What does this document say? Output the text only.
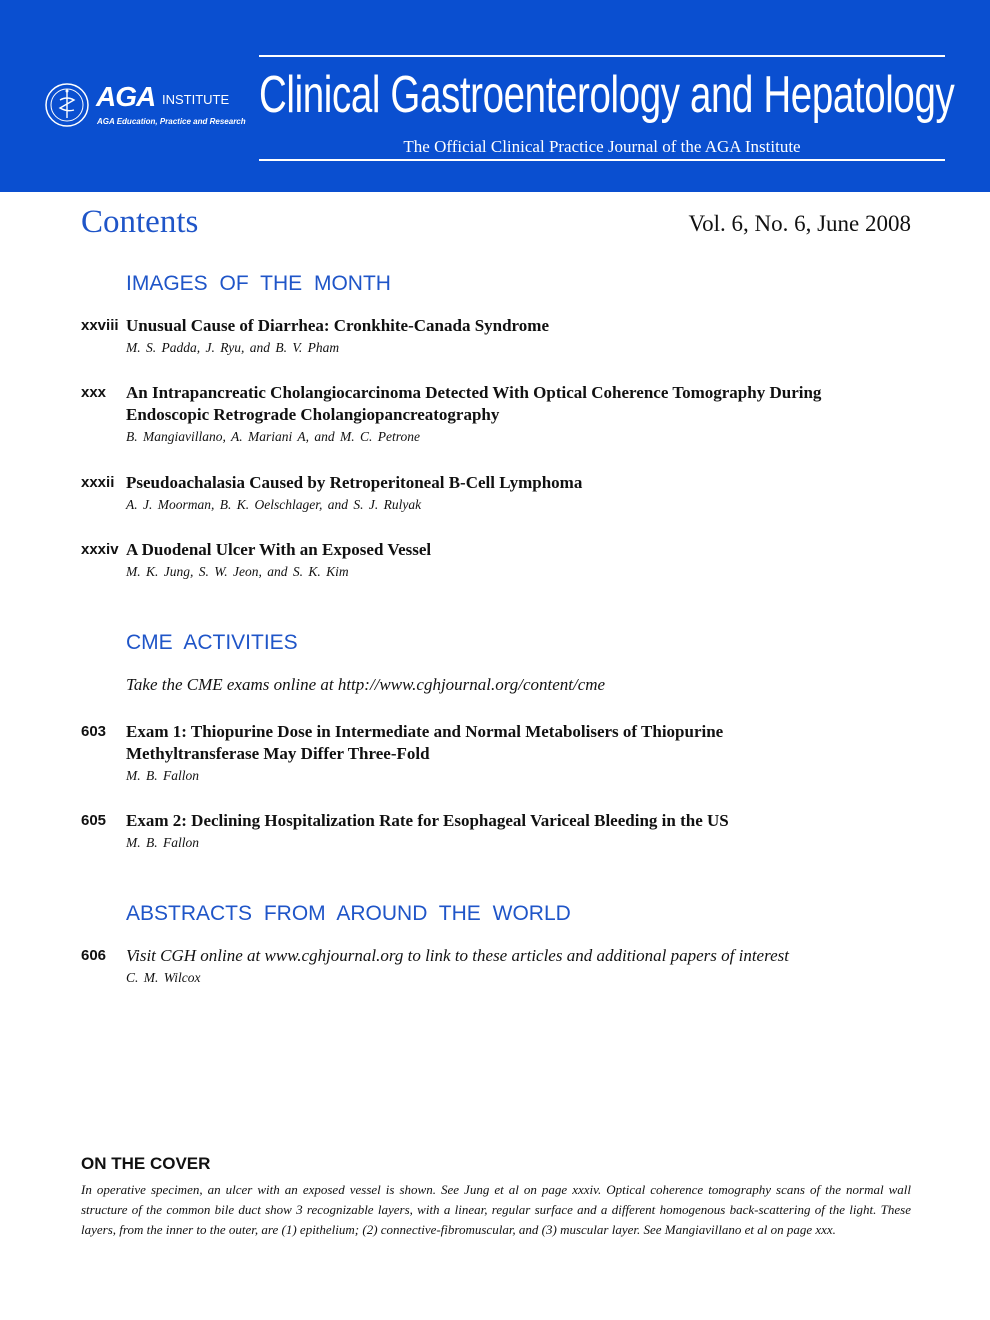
AGA INSTITUTE
AGA Education, Practice and Research Clinical Gastroenterology and Hepatology
The Official Clinical Practice Journal of the AGA Institute
Contents	Vol. 6, No. 6, June 2008
IMAGES OF THE MONTH
xxviii Unusual Cause of Diarrhea: Cronkhite-Canada Syndrome
M. S. Padda, J. Ryu, and B. V. Pham
xxx	An Intrapancreatic Cholangiocarcinoma Detected With Optical Coherence Tomography During Endoscopic Retrograde Cholangiopancreatography
B. Mangiavillano, A. Mariani A, and M. C. Petrone
xxxii Pseudoachalasia Caused by Retroperitoneal B-Cell Lymphoma
A. J. Moorman, B. K. Oelschlager, and S. J. Rulyak
xxxiv A Duodenal Ulcer With an Exposed Vessel
M. K. Jung, S. W. Jeon, and S. K. Kim
CME ACTIVITIES
Take the CME exams online at http://www.cghjournal.org/content/cme
603	Exam 1: Thiopurine Dose in Intermediate and Normal Metabolisers of Thiopurine Methyltransferase May Differ Three-Fold
M. B. Fallon
605	Exam 2: Declining Hospitalization Rate for Esophageal Variceal Bleeding in the US
M. B. Fallon
ABSTRACTS FROM AROUND THE WORLD
606	Visit CGH online at www.cghjournal.org to link to these articles and additional papers of interest
C. M. Wilcox
ON THE COVER

In operative specimen, an ulcer with an exposed vessel is shown. See Jung et al on page xxxiv. Optical coherence tomography scans of the normal wall structure of the common bile duct show 3 recognizable layers, with a linear, regular surface and a different homogenous back-scattering of the light. These layers, from the inner to the outer, are (1) epithelium; (2) connective-fibromuscular, and (3) muscular layer. See Mangiavillano et al on page xxx.
